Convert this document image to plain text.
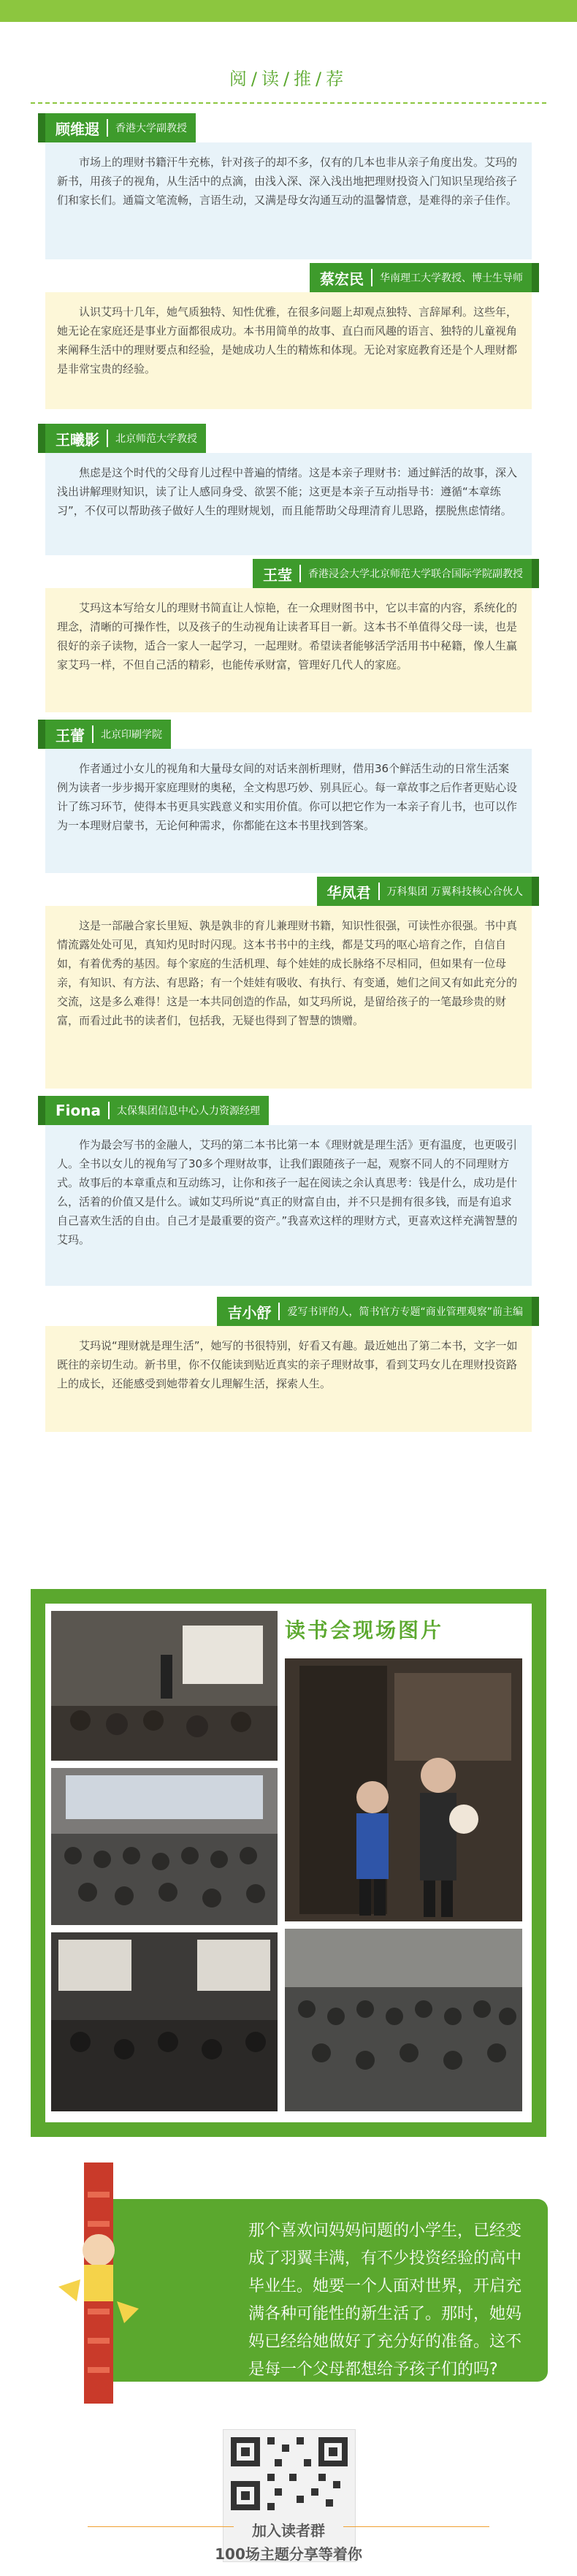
阅/读/推/荐
顾维遐	香港大学副教授
市场上的理财书籍汗牛充栋，针对孩子的却不多，仅有的几本也非从亲子角度出发。艾玛的新书，用孩子的视角，从生活中的点滴，由浅入深、深入浅出地把理财投资入门知识呈现给孩子们和家长们。通篇文笔流畅，言语生动，又满是母女沟通互动的温馨情意，是难得的亲子佳作。
蔡宏民	华南理工大学教授、博士生导师
认识艾玛十几年，她气质独特、知性优雅，在很多问题上却观点独特、言辞犀利。这些年，她无论在家庭还是事业方面都很成功。本书用简单的故事、直白而风趣的语言、独特的儿童视角来阐释生活中的理财要点和经验，是她成功人生的精炼和体现。无论对家庭教育还是个人理财都是非常宝贵的经验。
王曦影	北京师范大学教授
焦虑是这个时代的父母育儿过程中普遍的情绪。这是本亲子理财书：通过鲜活的故事，深入浅出讲解理财知识，读了让人感同身受、欲罢不能；这更是本亲子互动指导书：遵循“本章练习”，不仅可以帮助孩子做好人生的理财规划，而且能帮助父母理清育儿思路，摆脱焦虑情绪。
王莹	香港浸会大学北京师范大学联合国际学院副教授
艾玛这本写给女儿的理财书简直让人惊艳，在一众理财图书中，它以丰富的内容，系统化的理念，清晰的可操作性，以及孩子的生动视角让读者耳目一新。这本书不单值得父母一读，也是很好的亲子读物，适合一家人一起学习，一起理财。希望读者能够活学活用书中秘籍，像人生赢家艾玛一样，不但自己活的精彩，也能传承财富，管理好几代人的家庭。
王蕾	北京印刷学院
作者通过小女儿的视角和大量母女间的对话来剖析理财，借用36个鲜活生动的日常生活案例为读者一步步揭开家庭理财的奥秘，全文构思巧妙、别具匠心。每一章故事之后作者更贴心设计了练习环节，使得本书更具实践意义和实用价值。你可以把它作为一本亲子育儿书，也可以作为一本理财启蒙书，无论何种需求，你都能在这本书里找到答案。
华凤君	万科集团 万翼科技核心合伙人
这是一部融合家长里短、孰是孰非的育儿兼理财书籍，知识性很强，可读性亦很强。书中真情流露处处可见，真知灼见时时闪现。这本书书中的主线，都是艾玛的呕心培育之作，自信自如，有着优秀的基因。每个家庭的生活机理、每个娃娃的成长脉络不尽相同，但如果有一位母亲，有知识、有方法、有思路；有一个娃娃有吸收、有执行、有变通，她们之间又有如此充分的交流，这是多么难得！这是一本共同创造的作品，如艾玛所说，是留给孩子的一笔最珍贵的财富，而看过此书的读者们，包括我，无疑也得到了智慧的馈赠。
Fiona	太保集团信息中心人力资源经理
作为最会写书的金融人，艾玛的第二本书比第一本《理财就是理生活》更有温度，也更吸引人。全书以女儿的视角写了30多个理财故事，让我们跟随孩子一起，观察不同人的不同理财方式。故事后的本章重点和互动练习，让你和孩子一起在阅读之余认真思考：钱是什么，成功是什么，活着的价值又是什么。诚如艾玛所说“真正的财富自由，并不只是拥有很多钱，而是有追求自己喜欢生活的自由。自己才是最重要的资产。”我喜欢这样的理财方式，更喜欢这样充满智慧的艾玛。
吉小舒	爱写书评的人，简书官方专题“商业管理观察”前主编
艾玛说“理财就是理生活”，她写的书很特别，好看又有趣。最近她出了第二本书，文字一如既往的亲切生动。新书里，你不仅能读到贴近真实的亲子理财故事，看到艾玛女儿在理财投资路上的成长，还能感受到她带着女儿理解生活，探索人生。
读书会现场图片
那个喜欢问妈妈问题的小学生，已经变成了羽翼丰满，有不少投资经验的高中毕业生。她要一个人面对世界，开启充满各种可能性的新生活了。那时，她妈妈已经给她做好了充分好的准备。这不是每一个父母都想给予孩子们的吗?
加入读者群
100场主题分享等着你
